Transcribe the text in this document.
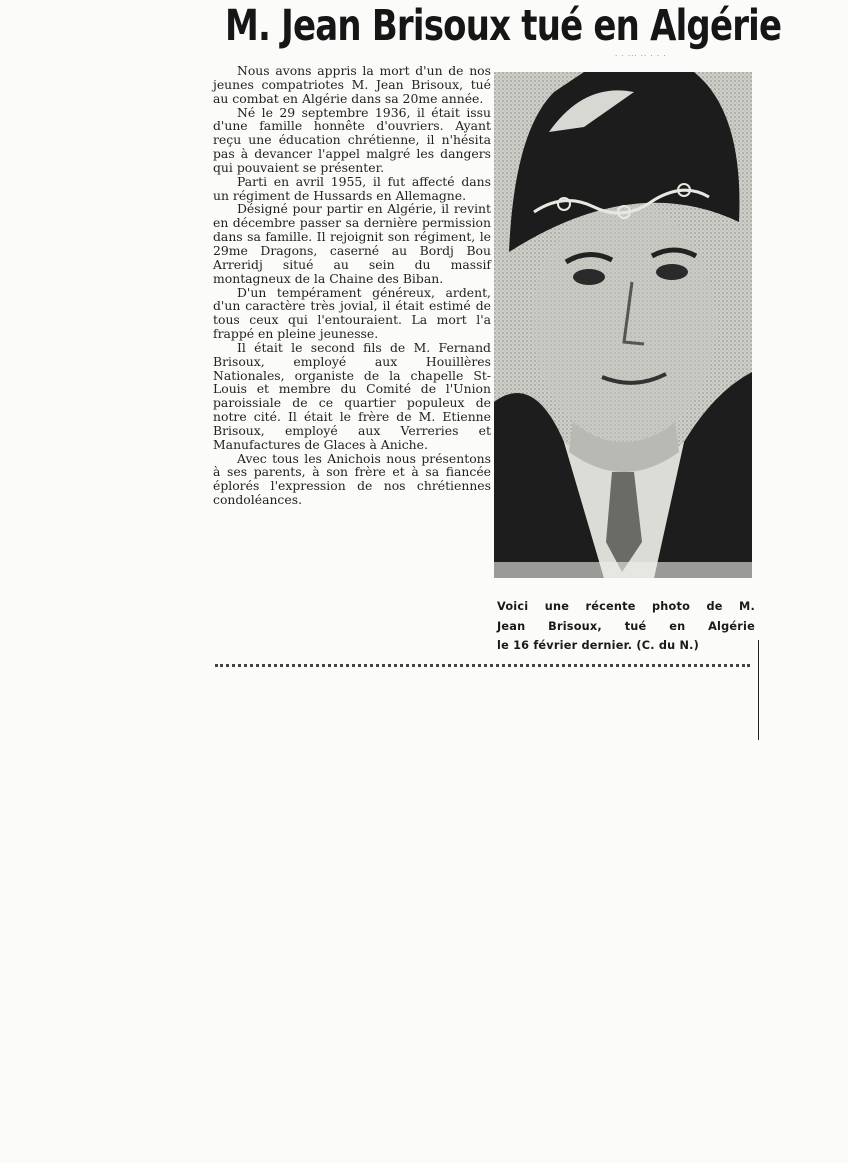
M. Jean Brisoux tué en Algérie
· · ··· ·· · · ·

Nous avons appris la mort d'un de nos jeunes compatriotes M. Jean Brisoux, tué au combat en Algérie dans sa 20me année.

Né le 29 septembre 1936, il était issu d'une famille honnête d'ouvriers. Ayant reçu une éducation chrétienne, il n'hésita pas à devancer l'appel malgré les dangers qui pouvaient se présenter.

Parti en avril 1955, il fut affecté dans un régiment de Hussards en Allemagne.

Désigné pour partir en Algérie, il revint en décembre passer sa dernière permission dans sa famille. Il rejoignit son régiment, le 29me Dragons, caserné au Bordj Bou Arreridj situé au sein du massif montagneux de la Chaine des Biban.

D'un tempérament généreux, ardent, d'un caractère très jovial, il était estimé de tous ceux qui l'entouraient. La mort l'a frappé en pleine jeunesse.

Il était le second fils de M. Fernand Brisoux, employé aux Houillères Nationales, organiste de la chapelle St-Louis et membre du Comité de l'Union paroissiale de ce quartier populeux de notre cité. Il était le frère de M. Etienne Brisoux, employé aux Verreries et Manufactures de Glaces à Aniche.

Avec tous les Anichois nous présentons à ses parents, à son frère et à sa fiancée éplorés l'expression de nos chrétiennes condoléances.

Voici une récente photo de M.
Jean Brisoux, tué en Algérie
le 16 février dernier. (C. du N.)
